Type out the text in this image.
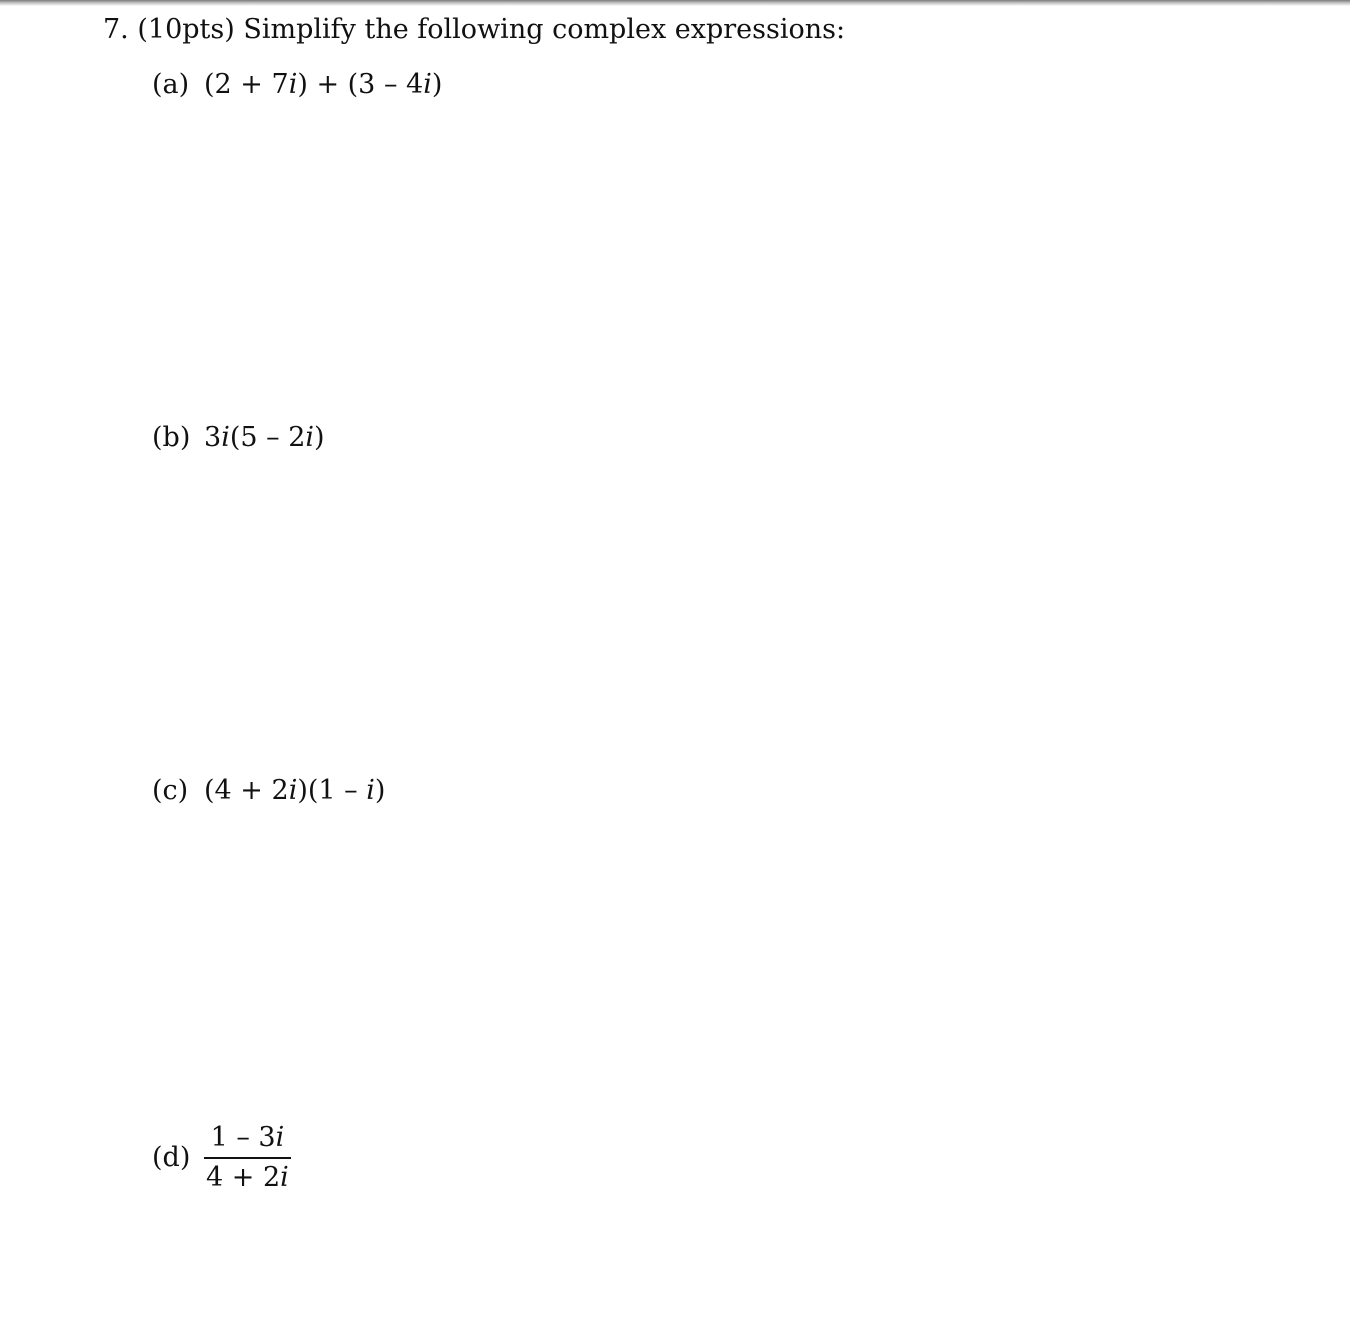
7. (10pts) Simplify the following complex expressions:
(a) (2 + 7i) + (3 – 4i)
(b) 3i(5 – 2i)
(c) (4 + 2i)(1 – i)
$(d) \frac{1 - 3i}{4 + 2i}$
